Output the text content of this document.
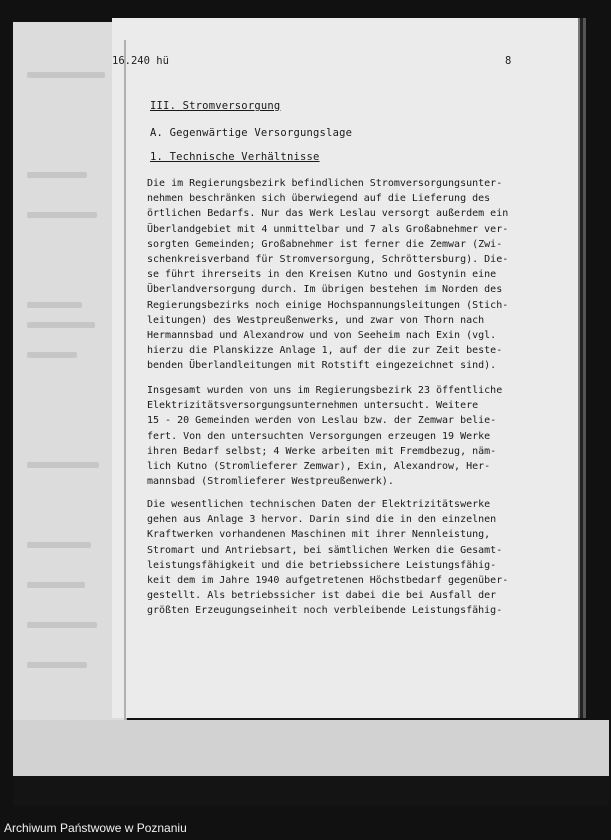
16.240 hü	8
III. Stromversorgung
A. Gegenwärtige Versorgungslage
1. Technische Verhältnisse
Die im Regierungsbezirk befindlichen Stromversorgungsunter-
nehmen beschränken sich überwiegend auf die Lieferung des
örtlichen Bedarfs. Nur das Werk Leslau versorgt außerdem ein
Überlandgebiet mit 4 unmittelbar und 7 als Großabnehmer ver-
sorgten Gemeinden; Großabnehmer ist ferner die Zemwar (Zwi-
schenkreisverband für Stromversorgung, Schröttersburg). Die-
se führt ihrerseits in den Kreisen Kutno und Gostynin eine
Überlandversorgung durch. Im übrigen bestehen im Norden des
Regierungsbezirks noch einige Hochspannungsleitungen (Stich-
leitungen) des Westpreußenwerks, und zwar von Thorn nach
Hermannsbad und Alexandrow und von Seeheim nach Exin (vgl.
hierzu die Planskizze Anlage 1, auf der die zur Zeit beste-
benden Überlandleitungen mit Rotstift eingezeichnet sind).
Insgesamt wurden von uns im Regierungsbezirk 23 öffentliche
Elektrizitätsversorgungsunternehmen untersucht. Weitere
15 - 20 Gemeinden werden von Leslau bzw. der Zemwar belie-
fert. Von den untersuchten Versorgungen erzeugen 19 Werke
ihren Bedarf selbst; 4 Werke arbeiten mit Fremdbezug, näm-
lich Kutno (Stromlieferer Zemwar), Exin, Alexandrow, Her-
mannsbad (Stromlieferer Westpreußenwerk).
Die wesentlichen technischen Daten der Elektrizitätswerke
gehen aus Anlage 3 hervor. Darin sind die in den einzelnen
Kraftwerken vorhandenen Maschinen mit ihrer Nennleistung,
Stromart und Antriebsart, bei sämtlichen Werken die Gesamt-
leistungsfähigkeit und die betriebssichere Leistungsfähig-
keit dem im Jahre 1940 aufgetretenen Höchstbedarf gegenüber-
gestellt. Als betriebssicher ist dabei die bei Ausfall der
größten Erzeugungseinheit noch verbleibende Leistungsfähig-
Archiwum Państwowe w Poznaniu
